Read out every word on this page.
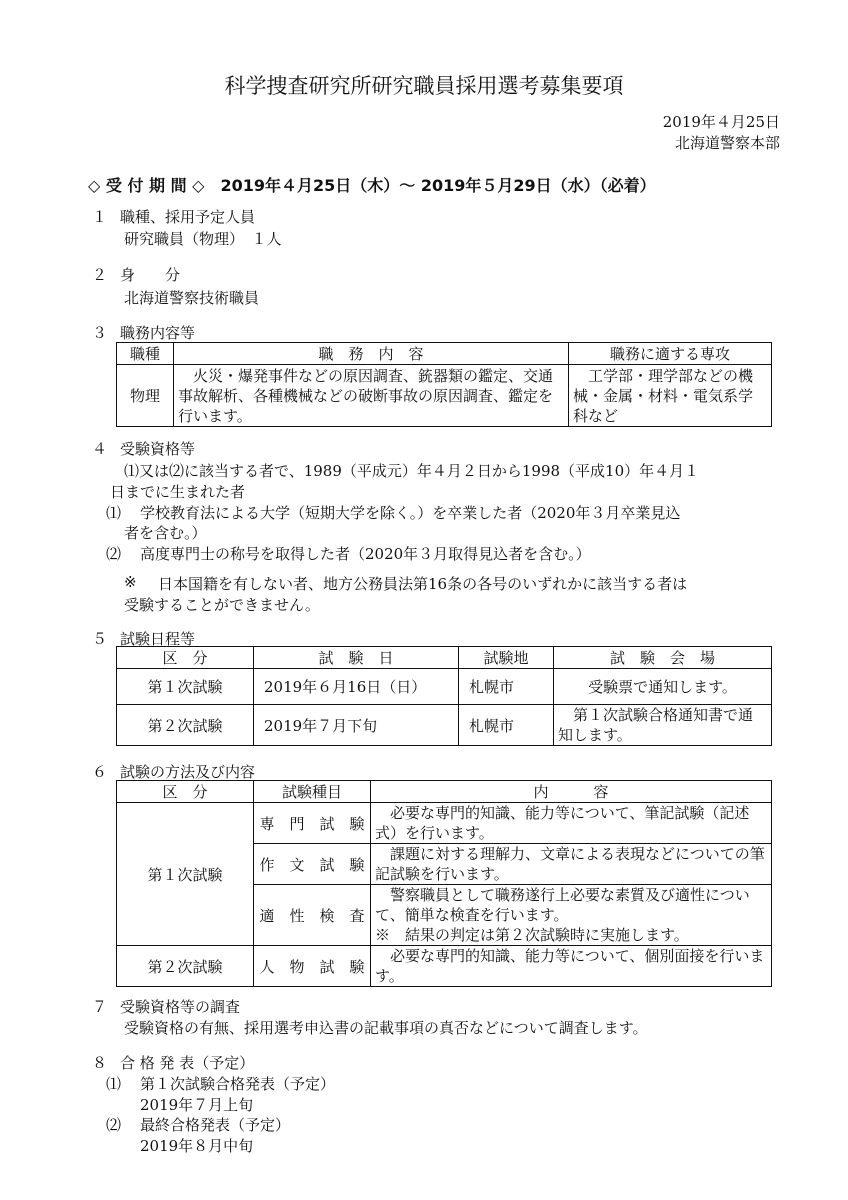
科学捜査研究所研究職員採用選考募集要項
2019年４月25日
北海道警察本部
◇ 受 付 期 間 ◇　2019年４月25日（木）～ 2019年５月29日（水）（必着）
１ 職種、採用予定人員
研究職員（物理）　１人
２ 身　　分
北海道警察技術職員
３ 職務内容等
職種	職　務　内　容	職務に適する専攻
物理	　火災・爆発事件などの原因調査、銃器類の鑑定、交通事故解析、各種機械などの破断事故の原因調査、鑑定を行います。	　工学部・理学部などの機械・金属・材料・電気系学科など
４ 受験資格等
⑴又は⑵に該当する者で、1989（平成元）年４月２日から1998（平成10）年４月１
日までに生まれた者
⑴ 学校教育法による大学（短期大学を除く。）を卒業した者（2020年３月卒業見込
者を含む。）
⑵ 高度専門士の称号を取得した者（2020年３月取得見込者を含む。）
※ 日本国籍を有しない者、地方公務員法第16条の各号のいずれかに該当する者は
受験することができません。
５ 試験日程等
区　分	試　験　日	試験地	試　験　会　場
第１次試験	2019年６月16日（日）	札幌市	受験票で通知します。
第２次試験	2019年７月下旬	札幌市	　第１次試験合格通知書で通知します。
６ 試験の方法及び内容
区　分	試験種目	内　　　容
第１次試験	専　門　試　験	　必要な専門的知識、能力等について、筆記試験（記述式）を行います。
	作　文　試　験	　課題に対する理解力、文章による表現などについての筆記試験を行います。
	適　性　検　査	　警察職員として職務遂行上必要な素質及び適性について、簡単な検査を行います。
※　結果の判定は第２次試験時に実施します。

第２次試験	人　物　試　験	　必要な専門的知識、能力等について、個別面接を行います。
７ 受験資格等の調査
受験資格の有無、採用選考申込書の記載事項の真否などについて調査します。
８ 合 格 発 表（予定）
⑴ 第１次試験合格発表（予定）
2019年７月上旬
⑵ 最終合格発表（予定）
2019年８月中旬
